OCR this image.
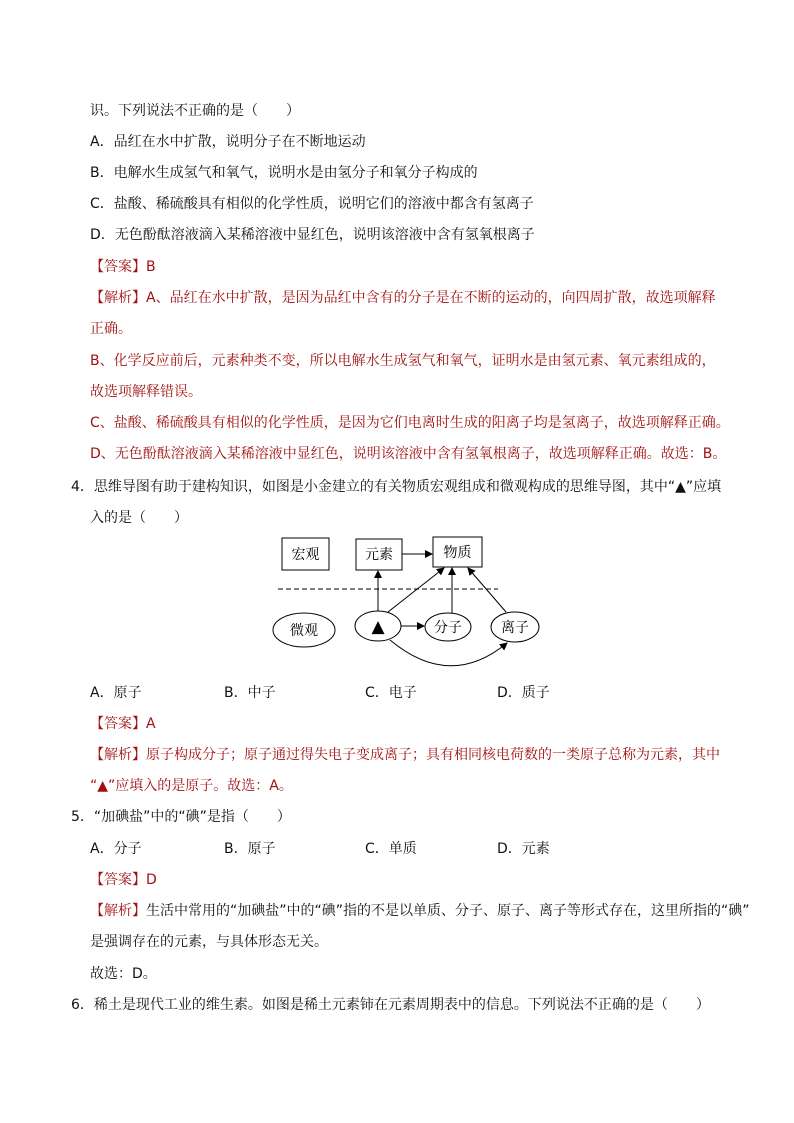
识。下列说法不正确的是（　　）
A．品红在水中扩散，说明分子在不断地运动
B．电解水生成氢气和氧气，说明水是由氢分子和氧分子构成的
C．盐酸、稀硫酸具有相似的化学性质，说明它们的溶液中都含有氢离子
D．无色酚酞溶液滴入某稀溶液中显红色，说明该溶液中含有氢氧根离子
【答案】B
【解析】A、品红在水中扩散，是因为品红中含有的分子是在不断的运动的，向四周扩散，故选项解释
正确。
B、化学反应前后，元素种类不变，所以电解水生成氢气和氧气，证明水是由氢元素、氧元素组成的，
故选项解释错误。
C、盐酸、稀硫酸具有相似的化学性质，是因为它们电离时生成的阳离子均是氢离子，故选项解释正确。
D、无色酚酞溶液滴入某稀溶液中显红色，说明该溶液中含有氢氧根离子，故选项解释正确。故选：B。
4．思维导图有助于建构知识，如图是小金建立的有关物质宏观组成和微观构成的思维导图，其中“▲”应填
入的是（　　）
宏观	元素	物质
微观	▲	分子	离子
A．原子	B．中子	C．电子	D．质子
【答案】A
【解析】原子构成分子；原子通过得失电子变成离子；具有相同核电荷数的一类原子总称为元素，其中
“▲”应填入的是原子。故选：A。
5．“加碘盐”中的“碘”是指（　　）
A．分子	B．原子	C．单质	D．元素
【答案】D
【解析】生活中常用的“加碘盐”中的“碘”指的不是以单质、分子、原子、离子等形式存在，这里所指的“碘”
是强调存在的元素，与具体形态无关。
故选：D。
6．稀土是现代工业的维生素。如图是稀土元素铈在元素周期表中的信息。下列说法不正确的是（　　）
